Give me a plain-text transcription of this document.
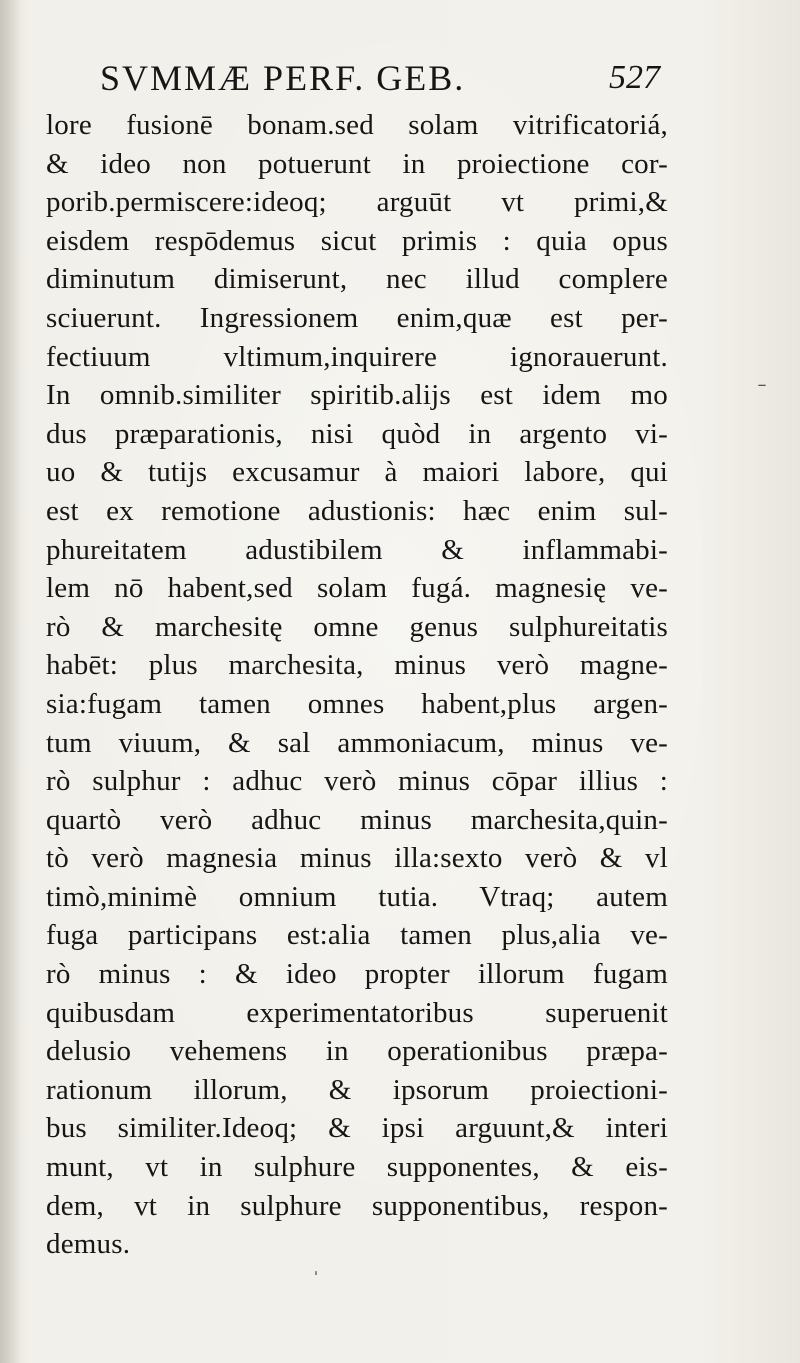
SVMMÆ PERF. GEB.	527
lore fusionē bonam.sed solam vitrificatoriá,
& ideo non potuerunt in proiectione cor-
porib.permiscere:ideoq; arguūt vt primi,&
eisdem respōdemus sicut primis : quia opus
diminutum dimiserunt, nec illud complere
sciuerunt. Ingressionem enim,quæ est per-
fectiuum vltimum,inquirere ignorauerunt.
In omnib.similiter spiritib.alijs est idem mo
dus præparationis, nisi quòd in argento vi-
uo & tutijs excusamur à maiori labore, qui
est ex remotione adustionis: hæc enim sul-
phureitatem adustibilem & inflammabi-
lem nō habent,sed solam fugá. magnesię ve-
rò & marchesitę omne genus sulphureitatis
habēt: plus marchesita, minus verò magne-
sia:fugam tamen omnes habent,plus argen-
tum viuum, & sal ammoniacum, minus ve-
rò sulphur : adhuc verò minus cōpar illius :
quartò verò adhuc minus marchesita,quin-
tò verò magnesia minus illa:sexto verò & vl
timò,minimè omnium tutia. Vtraq; autem
fuga participans est:alia tamen plus,alia ve-
rò minus : & ideo propter illorum fugam
quibusdam experimentatoribus superuenit
delusio vehemens in operationibus præpa-
rationum illorum, & ipsorum proiectioni-
bus similiter.Ideoq; & ipsi arguunt,& interi
munt, vt in sulphure supponentes, & eis-
dem, vt in sulphure supponentibus, respon-
demus.
˗
ˈ
